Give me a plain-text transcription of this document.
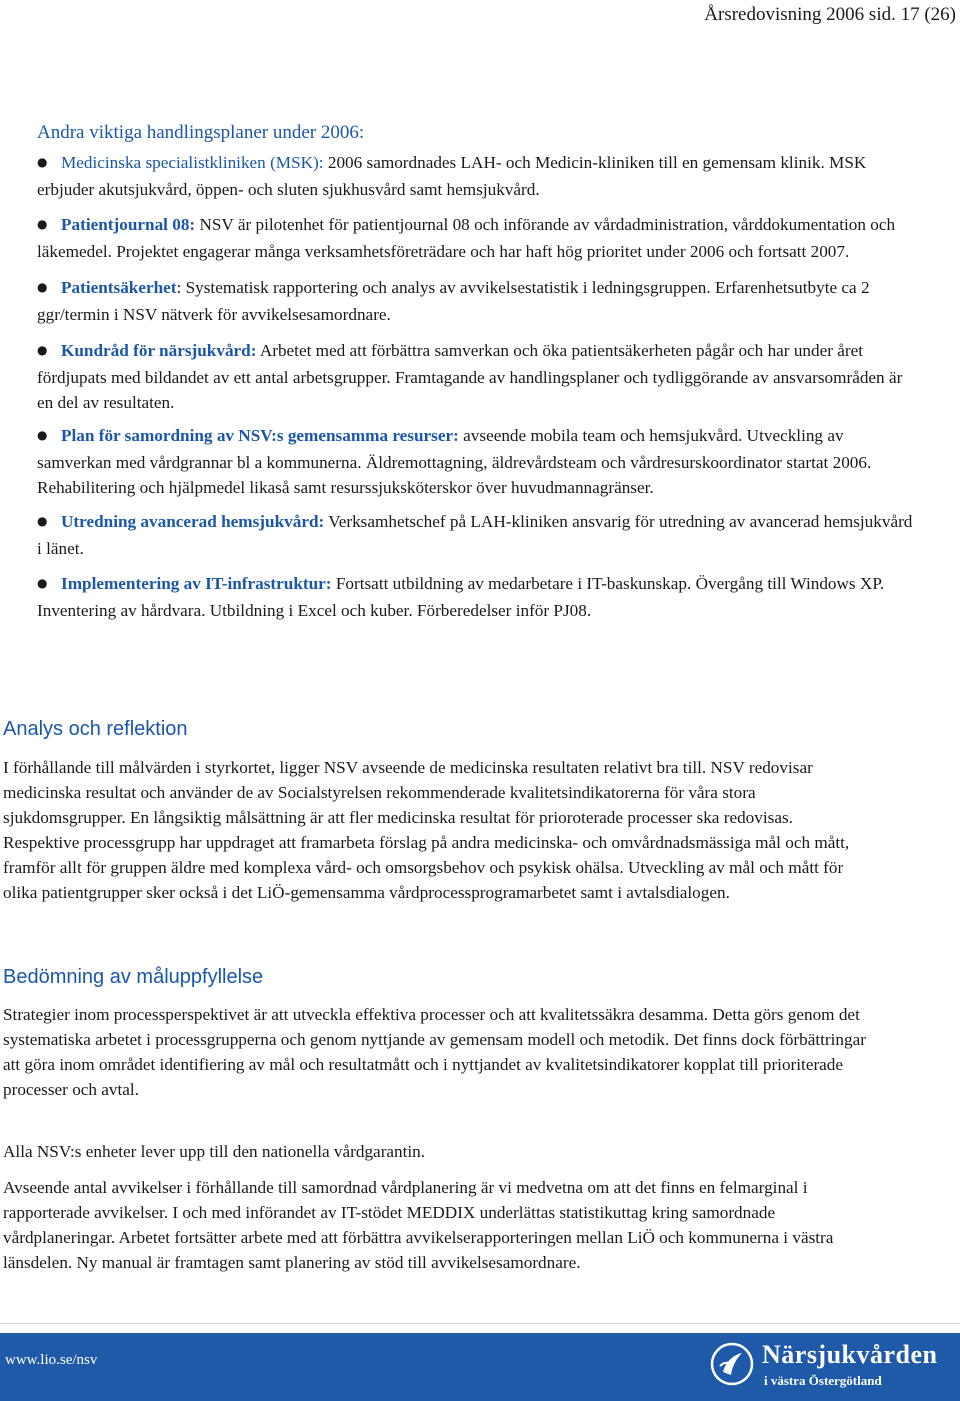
Årsredovisning 2006 sid. 17 (26)
Andra viktiga handlingsplaner under 2006:
● Medicinska specialistkliniken (MSK): 2006 samordnades LAH- och Medicin-kliniken till en gemensam klinik. MSK erbjuder akutsjukvård, öppen- och sluten sjukhusvård samt hemsjukvård.
● Patientjournal 08: NSV är pilotenhet för patientjournal 08 och införande av vårdadministration, vårddokumentation och läkemedel. Projektet engagerar många verksamhetsföreträdare och har haft hög prioritet under 2006 och fortsatt 2007.
● Patientsäkerhet: Systematisk rapportering och analys av avvikelsestatistik i ledningsgruppen. Erfarenhetsutbyte ca 2 ggr/termin i NSV nätverk för avvikelsesamordnare.
● Kundråd för närsjukvård: Arbetet med att förbättra samverkan och öka patientsäkerheten pågår och har under året fördjupats med bildandet av ett antal arbetsgrupper. Framtagande av handlingsplaner och tydliggörande av ansvarsområden är en del av resultaten.
● Plan för samordning av NSV:s gemensamma resurser: avseende mobila team och hemsjukvård. Utveckling av samverkan med vårdgrannar bl a kommunerna. Äldremottagning, äldrevårdsteam och vårdresurskoordinator startat 2006. Rehabilitering och hjälpmedel likaså samt resurssjuksköterskor över huvudmannagränser.
● Utredning avancerad hemsjukvård: Verksamhetschef på LAH-kliniken ansvarig för utredning av avancerad hemsjukvård i länet.
● Implementering av IT-infrastruktur: Fortsatt utbildning av medarbetare i IT-baskunskap. Övergång till Windows XP. Inventering av hårdvara. Utbildning i Excel och kuber. Förberedelser inför PJ08.
Analys och reflektion

I förhållande till målvärden i styrkortet, ligger NSV avseende de medicinska resultaten relativt bra till. NSV redovisar medicinska resultat och använder de av Socialstyrelsen rekommenderade kvalitetsindikatorerna för våra stora sjukdomsgrupper. En långsiktig målsättning är att fler medicinska resultat för prioroterade processer ska redovisas. Respektive processgrupp har uppdraget att framarbeta förslag på andra medicinska- och omvårdnadsmässiga mål och mått, framför allt för gruppen äldre med komplexa vård- och omsorgsbehov och psykisk ohälsa. Utveckling av mål och mått för olika patientgrupper sker också i det LiÖ-gemensamma vårdprocessprogramarbetet samt i avtalsdialogen.

Bedömning av måluppfyllelse

Strategier inom processperspektivet är att utveckla effektiva processer och att kvalitetssäkra desamma. Detta görs genom det systematiska arbetet i processgrupperna och genom nyttjande av gemensam modell och metodik. Det finns dock förbättringar att göra inom området identifiering av mål och resultatmått och i nyttjandet av kvalitetsindikatorer kopplat till prioriterade processer och avtal.

Alla NSV:s enheter lever upp till den nationella vårdgarantin.

Avseende antal avvikelser i förhållande till samordnad vårdplanering är vi medvetna om att det finns en felmarginal i rapporterade avvikelser. I och med införandet av IT-stödet MEDDIX underlättas statistikuttag kring samordnade vårdplaneringar. Arbetet fortsätter arbete med att förbättra avvikelserapporteringen mellan LiÖ och kommunerna i västra länsdelen. Ny manual är framtagen samt planering av stöd till avvikelsesamordnare.

www.lio.se/nsv	Närsjukvården
i västra Östergötland
